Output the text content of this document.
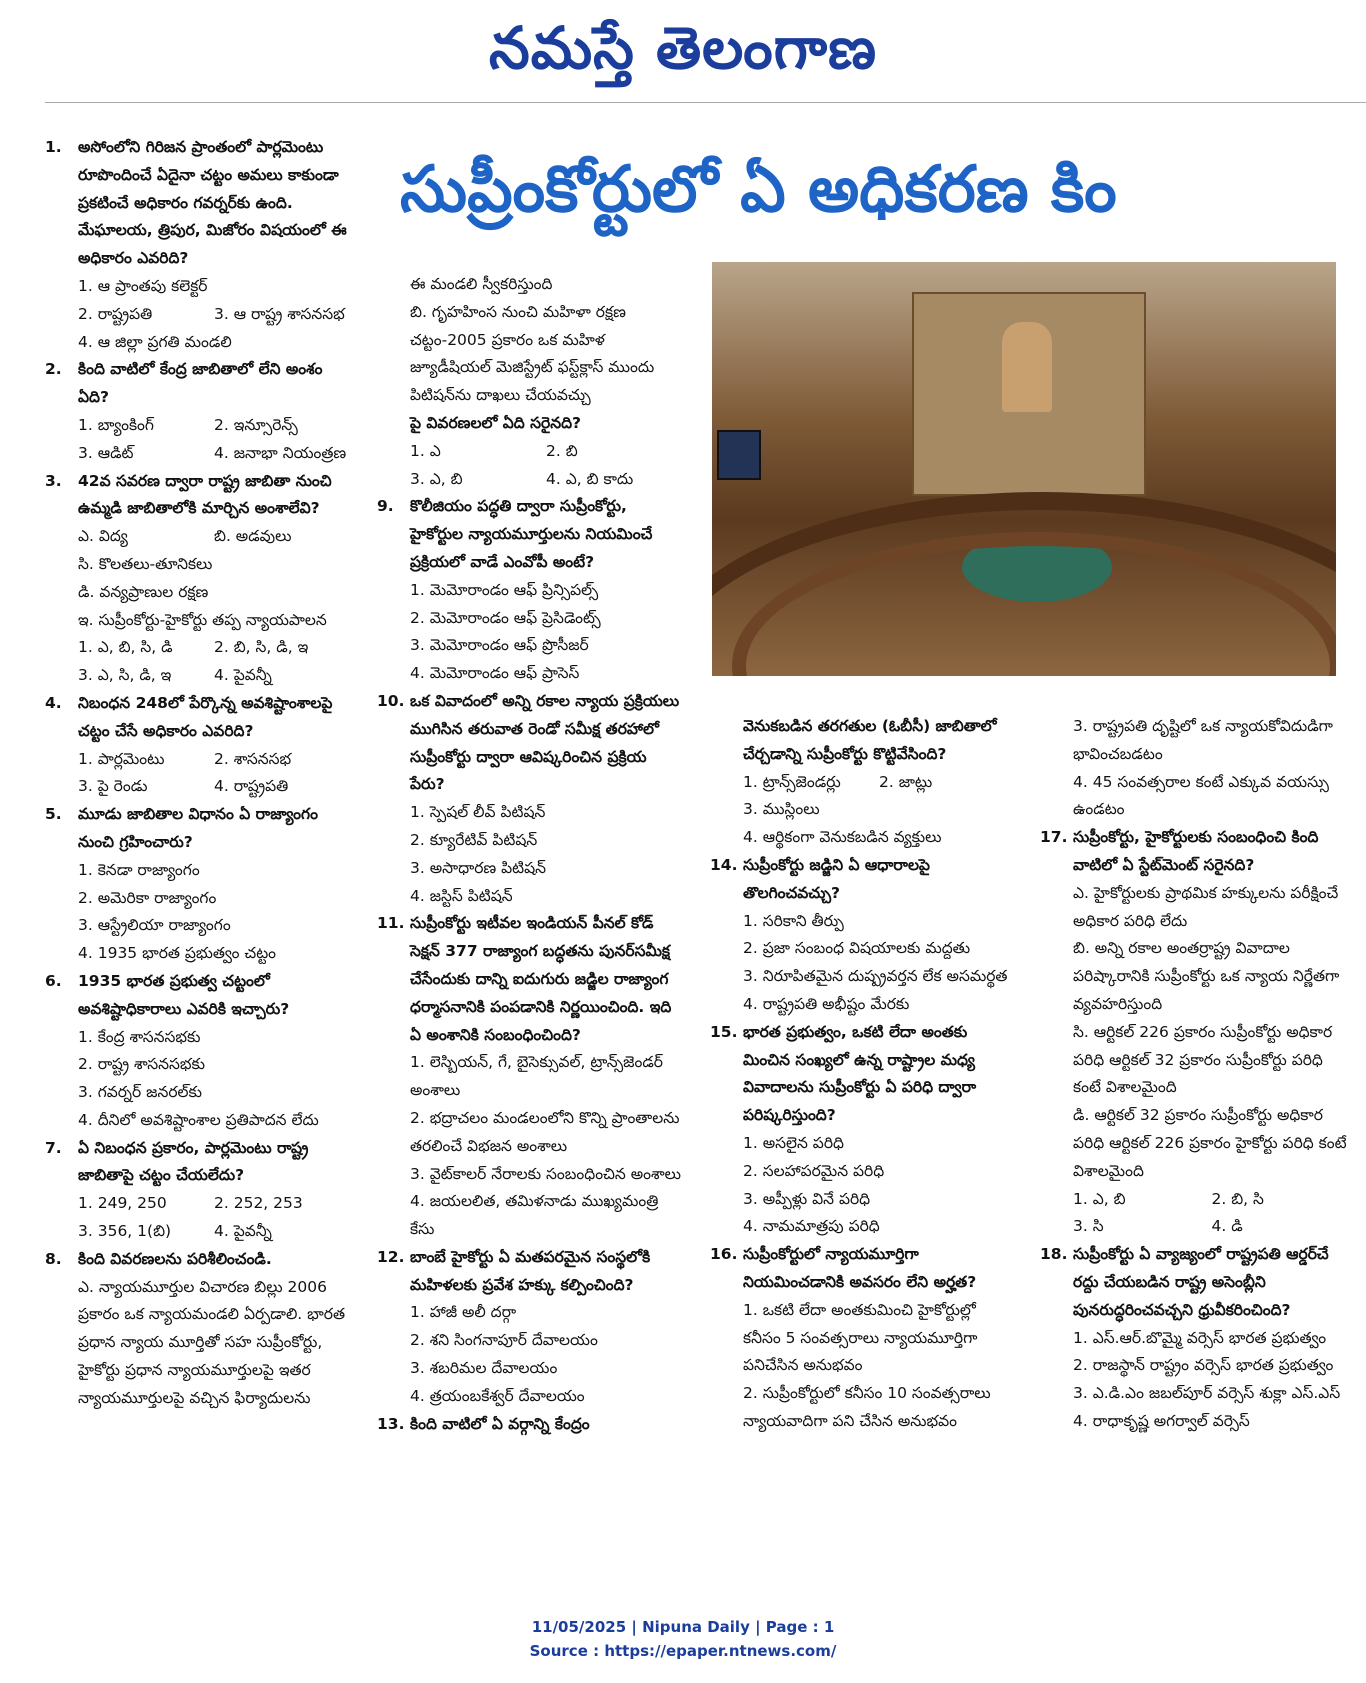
నమస్తే తెలంగాణ
సుప్రీంకోర్టులో ఏ అధికరణ కిం
1.	అసోంలోని గిరిజన ప్రాంతంలో పార్లమెంటు రూపొందించే ఏదైనా చట్టం అమలు కాకుండా ప్రకటించే అధికారం గవర్నర్‌కు ఉంది. మేఘాలయ, త్రిపుర, మిజోరం విషయంలో ఈ అధికారం ఎవరిది?
1. ఆ ప్రాంతపు కలెక్టర్
2. రాష్ట్రపతి	3. ఆ రాష్ట్ర శాసనసభ
4. ఆ జిల్లా ప్రగతి మండలి
2.	కింది వాటిలో కేంద్ర జాబితాలో లేని అంశం ఏది?
1. బ్యాంకింగ్	2. ఇన్సూరెన్స్
3. ఆడిట్	4. జనాభా నియంత్రణ
3.	42వ సవరణ ద్వారా రాష్ట్ర జాబితా నుంచి ఉమ్మడి జాబితాలోకి మార్చిన అంశాలేవి?
ఎ. విద్య	బి. అడవులు
సి. కొలతలు-తూనికలు
డి. వన్యప్రాణుల రక్షణ
ఇ. సుప్రీంకోర్టు-హైకోర్టు తప్ప న్యాయపాలన
1. ఎ, బి, సి, డి	2. బి, సి, డి, ఇ
3. ఎ, సి, డి, ఇ	4. పైవన్నీ
4.	నిబంధన 248లో పేర్కొన్న అవశిష్టాంశాలపై చట్టం చేసే అధికారం ఎవరిది?
1. పార్లమెంటు	2. శాసనసభ
3. పై రెండు	4. రాష్ట్రపతి
5.	మూడు జాబితాల విధానం ఏ రాజ్యాంగం నుంచి గ్రహించారు?
1. కెనడా రాజ్యాంగం
2. అమెరికా రాజ్యాంగం
3. ఆస్ట్రేలియా రాజ్యాంగం
4. 1935 భారత ప్రభుత్వం చట్టం
6.	1935 భారత ప్రభుత్వ చట్టంలో అవశిష్టాధికారాలు ఎవరికి ఇచ్చారు?
1. కేంద్ర శాసనసభకు
2. రాష్ట్ర శాసనసభకు
3. గవర్నర్ జనరల్‌కు
4. దీనిలో అవశిష్టాంశాల ప్రతిపాదన లేదు
7.	ఏ నిబంధన ప్రకారం, పార్లమెంటు రాష్ట్ర జాబితాపై చట్టం చేయలేదు?
1. 249, 250	2. 252, 253
3. 356, 1(బి)	4. పైవన్నీ
8.	కింది వివరణలను పరిశీలించండి.
ఎ. న్యాయమూర్తుల విచారణ బిల్లు 2006 ప్రకారం ఒక న్యాయమండలి ఏర్పడాలి. భారత ప్రధాన న్యాయ మూర్తితో సహ సుప్రీంకోర్టు, హైకోర్టు ప్రధాన న్యాయమూర్తులపై ఇతర న్యాయమూర్తులపై వచ్చిన ఫిర్యాదులను
ఈ మండలి స్వీకరిస్తుంది
బి. గృహహింస నుంచి మహిళా రక్షణ చట్టం-2005 ప్రకారం ఒక మహిళ జ్యూడీషియల్ మెజిస్ట్రేట్ ఫస్ట్‌క్లాస్ ముందు పిటిషన్‌ను దాఖలు చేయవచ్చు
పై వివరణలలో ఏది సరైనది?
1. ఎ	2. బి
3. ఎ, బి	4. ఎ, బి కాదు
9.	కొలీజియం పద్ధతి ద్వారా సుప్రీంకోర్టు, హైకోర్టుల న్యాయమూర్తులను నియమించే ప్రక్రియలో వాడే ఎంవోపీ అంటే?
1. మెమోరాండం ఆఫ్ ప్రిన్సిపల్స్
2. మెమోరాండం ఆఫ్ ప్రెసిడెంట్స్
3. మెమోరాండం ఆఫ్ ప్రొసీజర్
4. మెమోరాండం ఆఫ్ ప్రాసెస్
10. ఒక వివాదంలో అన్ని రకాల న్యాయ ప్రక్రియలు ముగిసిన తరువాత రెండో సమీక్ష తరహాలో సుప్రీంకోర్టు ద్వారా ఆవిష్కరించిన ప్రక్రియ పేరు?
1. స్పెషల్ లీవ్ పిటిషన్
2. క్యూరేటివ్ పిటిషన్
3. అసాధారణ పిటిషన్
4. జస్టిస్ పిటిషన్
11. సుప్రీంకోర్టు ఇటీవల ఇండియన్ పీనల్ కోడ్ సెక్షన్ 377 రాజ్యాంగ బద్ధతను పునర్‌సమీక్ష చేసేందుకు దాన్ని ఐదుగురు జడ్జిల రాజ్యాంగ ధర్మాసనానికి పంపడానికి నిర్ణయించింది. ఇది ఏ అంశానికి సంబంధించింది?
1. లెస్బియన్, గే, బైసెక్సువల్, ట్రాన్స్‌జెండర్ అంశాలు
2. భద్రాచలం మండలంలోని కొన్ని ప్రాంతాలను తరలించే విభజన అంశాలు
3. వైట్‌కాలర్ నేరాలకు సంబంధించిన అంశాలు
4. జయలలిత, తమిళనాడు ముఖ్యమంత్రి కేసు
12. బాంబే హైకోర్టు ఏ మతపరమైన సంస్థలోకి మహిళలకు ప్రవేశ హక్కు కల్పించింది?
1. హాజీ అలీ దర్గా
2. శని సింగనాపూర్ దేవాలయం
3. శబరిమల దేవాలయం
4. త్రయంబకేశ్వర్ దేవాలయం
13. కింది వాటిలో ఏ వర్గాన్ని కేంద్రం
వెనుకబడిన తరగతుల (ఓబీసీ) జాబితాలో చేర్చడాన్ని సుప్రీంకోర్టు కొట్టివేసింది?
1. ట్రాన్స్‌జెండర్లు	2. జాట్లు
3. ముస్లింలు
4. ఆర్థికంగా వెనుకబడిన వ్యక్తులు
14. సుప్రీంకోర్టు జడ్జిని ఏ ఆధారాలపై తొలగించవచ్చు?
1. సరికాని తీర్పు
2. ప్రజా సంబంధ విషయాలకు మద్దతు
3. నిరూపితమైన దుష్ప్రవర్తన లేక అసమర్థత
4. రాష్ట్రపతి అభీష్టం మేరకు
15. భారత ప్రభుత్వం, ఒకటి లేదా అంతకు మించిన సంఖ్యలో ఉన్న రాష్ట్రాల మధ్య వివాదాలను సుప్రీంకోర్టు ఏ పరిధి ద్వారా పరిష్కరిస్తుంది?
1. అసలైన పరిధి
2. సలహాపరమైన పరిధి
3. అప్పీళ్లు వినే పరిధి
4. నామమాత్రపు పరిధి
16. సుప్రీంకోర్టులో న్యాయమూర్తిగా నియమించడానికి అవసరం లేని అర్హత?
1. ఒకటి లేదా అంతకుమించి హైకోర్టుల్లో కనీసం 5 సంవత్సరాలు న్యాయమూర్తిగా పనిచేసిన అనుభవం
2. సుప్రీంకోర్టులో కనీసం 10 సంవత్సరాలు న్యాయవాదిగా పని చేసిన అనుభవం
3. రాష్ట్రపతి దృష్టిలో ఒక న్యాయకోవిదుడిగా భావించబడటం
4. 45 సంవత్సరాల కంటే ఎక్కువ వయస్సు ఉండటం
17. సుప్రీంకోర్టు, హైకోర్టులకు సంబంధించి కింది వాటిలో ఏ స్టేట్‌మెంట్ సరైనది?
ఎ. హైకోర్టులకు ప్రాథమిక హక్కులను పరీక్షించే అధికార పరిధి లేదు
బి. అన్ని రకాల అంతర్రాష్ట్ర వివాదాల పరిష్కారానికి సుప్రీంకోర్టు ఒక న్యాయ నిర్ణేతగా వ్యవహరిస్తుంది
సి. ఆర్టికల్ 226 ప్రకారం సుప్రీంకోర్టు అధికార పరిధి ఆర్టికల్ 32 ప్రకారం సుప్రీంకోర్టు పరిధి కంటే విశాలమైంది
డి. ఆర్టికల్ 32 ప్రకారం సుప్రీంకోర్టు అధికార పరిధి ఆర్టికల్ 226 ప్రకారం హైకోర్టు పరిధి కంటే విశాలమైంది
1. ఎ, బి	2. బి, సి
3. సి	4. డి
18. సుప్రీంకోర్టు ఏ వ్యాజ్యంలో రాష్ట్రపతి ఆర్డర్‌చే రద్దు చేయబడిన రాష్ట్ర అసెంబ్లీని పునరుద్ధరించవచ్చని ధ్రువీకరించింది?
1. ఎస్.ఆర్.బొమ్మై వర్సెస్ భారత ప్రభుత్వం
2. రాజస్థాన్ రాష్ట్రం వర్సెస్ భారత ప్రభుత్వం
3. ఎ.డి.ఎం జబల్‌పూర్ వర్సెస్ శుక్లా ఎస్.ఎస్
4. రాధాకృష్ణ అగర్వాల్ వర్సెస్
11/05/2025 | Nipuna Daily | Page : 1
Source : https://epaper.ntnews.com/
